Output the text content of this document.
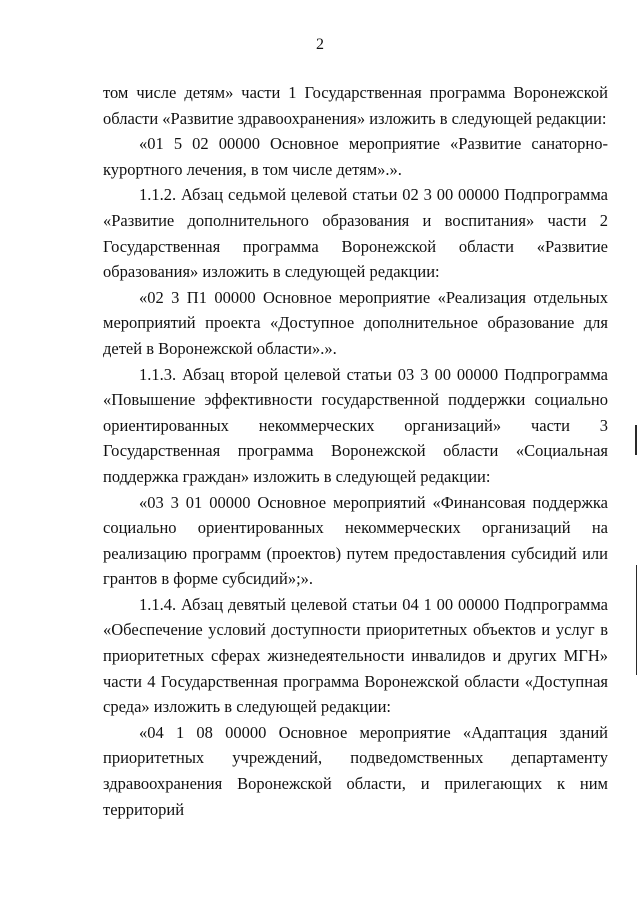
2

том числе детям» части 1 Государственная программа Воронежской области «Развитие здравоохранения» изложить в следующей редакции:

«01 5 02 00000 Основное мероприятие «Развитие санаторно-курортного лечения, в том числе детям».».

1.1.2. Абзац седьмой целевой статьи 02 3 00 00000 Подпрограмма «Развитие дополнительного образования и воспитания» части 2 Государственная программа Воронежской области «Развитие образования» изложить в следующей редакции:

«02 3 П1 00000 Основное мероприятие «Реализация отдельных мероприятий проекта «Доступное дополнительное образование для детей в Воронежской области».».

1.1.3. Абзац второй целевой статьи 03 3 00 00000 Подпрограмма «Повышение эффективности государственной поддержки социально ориентированных некоммерческих организаций» части 3 Государственная программа Воронежской области «Социальная поддержка граждан» изложить в следующей редакции:

«03 3 01 00000 Основное мероприятий «Финансовая поддержка социально ориентированных некоммерческих организаций на реализацию программ (проектов) путем предоставления субсидий или грантов в форме субсидий»;».

1.1.4. Абзац девятый целевой статьи 04 1 00 00000 Подпрограмма «Обеспечение условий доступности приоритетных объектов и услуг в приоритетных сферах жизнедеятельности инвалидов и других МГН» части 4 Государственная программа Воронежской области «Доступная среда» изложить в следующей редакции:

«04 1 08 00000 Основное мероприятие «Адаптация зданий приоритетных учреждений, подведомственных департаменту здравоохранения Воронежской области, и прилегающих к ним территорий
